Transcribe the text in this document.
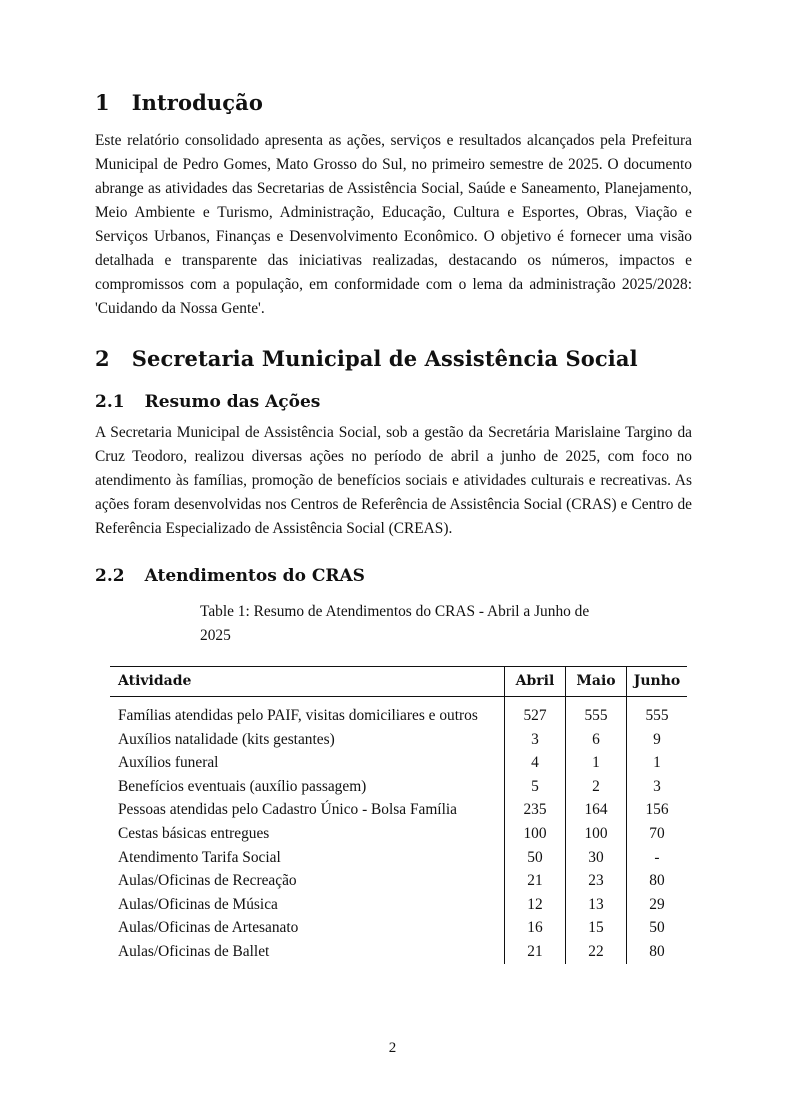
1 Introdução

Este relatório consolidado apresenta as ações, serviços e resultados alcançados pela Prefeitura Municipal de Pedro Gomes, Mato Grosso do Sul, no primeiro semestre de 2025. O documento abrange as atividades das Secretarias de Assistência Social, Saúde e Saneamento, Planejamento, Meio Ambiente e Turismo, Administração, Educação, Cultura e Esportes, Obras, Viação e Serviços Urbanos, Finanças e Desenvolvimento Econômico. O objetivo é fornecer uma visão detalhada e transparente das iniciativas realizadas, destacando os números, impactos e compromissos com a população, em conformidade com o lema da administração 2025/2028: 'Cuidando da Nossa Gente'.

2 Secretaria Municipal de Assistência Social
2.1 Resumo das Ações

A Secretaria Municipal de Assistência Social, sob a gestão da Secretária Marislaine Targino da Cruz Teodoro, realizou diversas ações no período de abril a junho de 2025, com foco no atendimento às famílias, promoção de benefícios sociais e atividades culturais e recreativas. As ações foram desenvolvidas nos Centros de Referência de Assistência Social (CRAS) e Centro de Referência Especializado de Assistência Social (CREAS).

2.2 Atendimentos do CRAS
Table 1: Resumo de Atendimentos do CRAS - Abril a Junho de 2025
Atividade	Abril	Maio	Junho
Famílias atendidas pelo PAIF, visitas domiciliares e outros	527	555	555
Auxílios natalidade (kits gestantes)	3	6	9
Auxílios funeral	4	1	1
Benefícios eventuais (auxílio passagem)	5	2	3
Pessoas atendidas pelo Cadastro Único - Bolsa Família	235	164	156
Cestas básicas entregues	100	100	70
Atendimento Tarifa Social	50	30	-
Aulas/Oficinas de Recreação	21	23	80
Aulas/Oficinas de Música	12	13	29
Aulas/Oficinas de Artesanato	16	15	50
Aulas/Oficinas de Ballet	21	22	80
2
